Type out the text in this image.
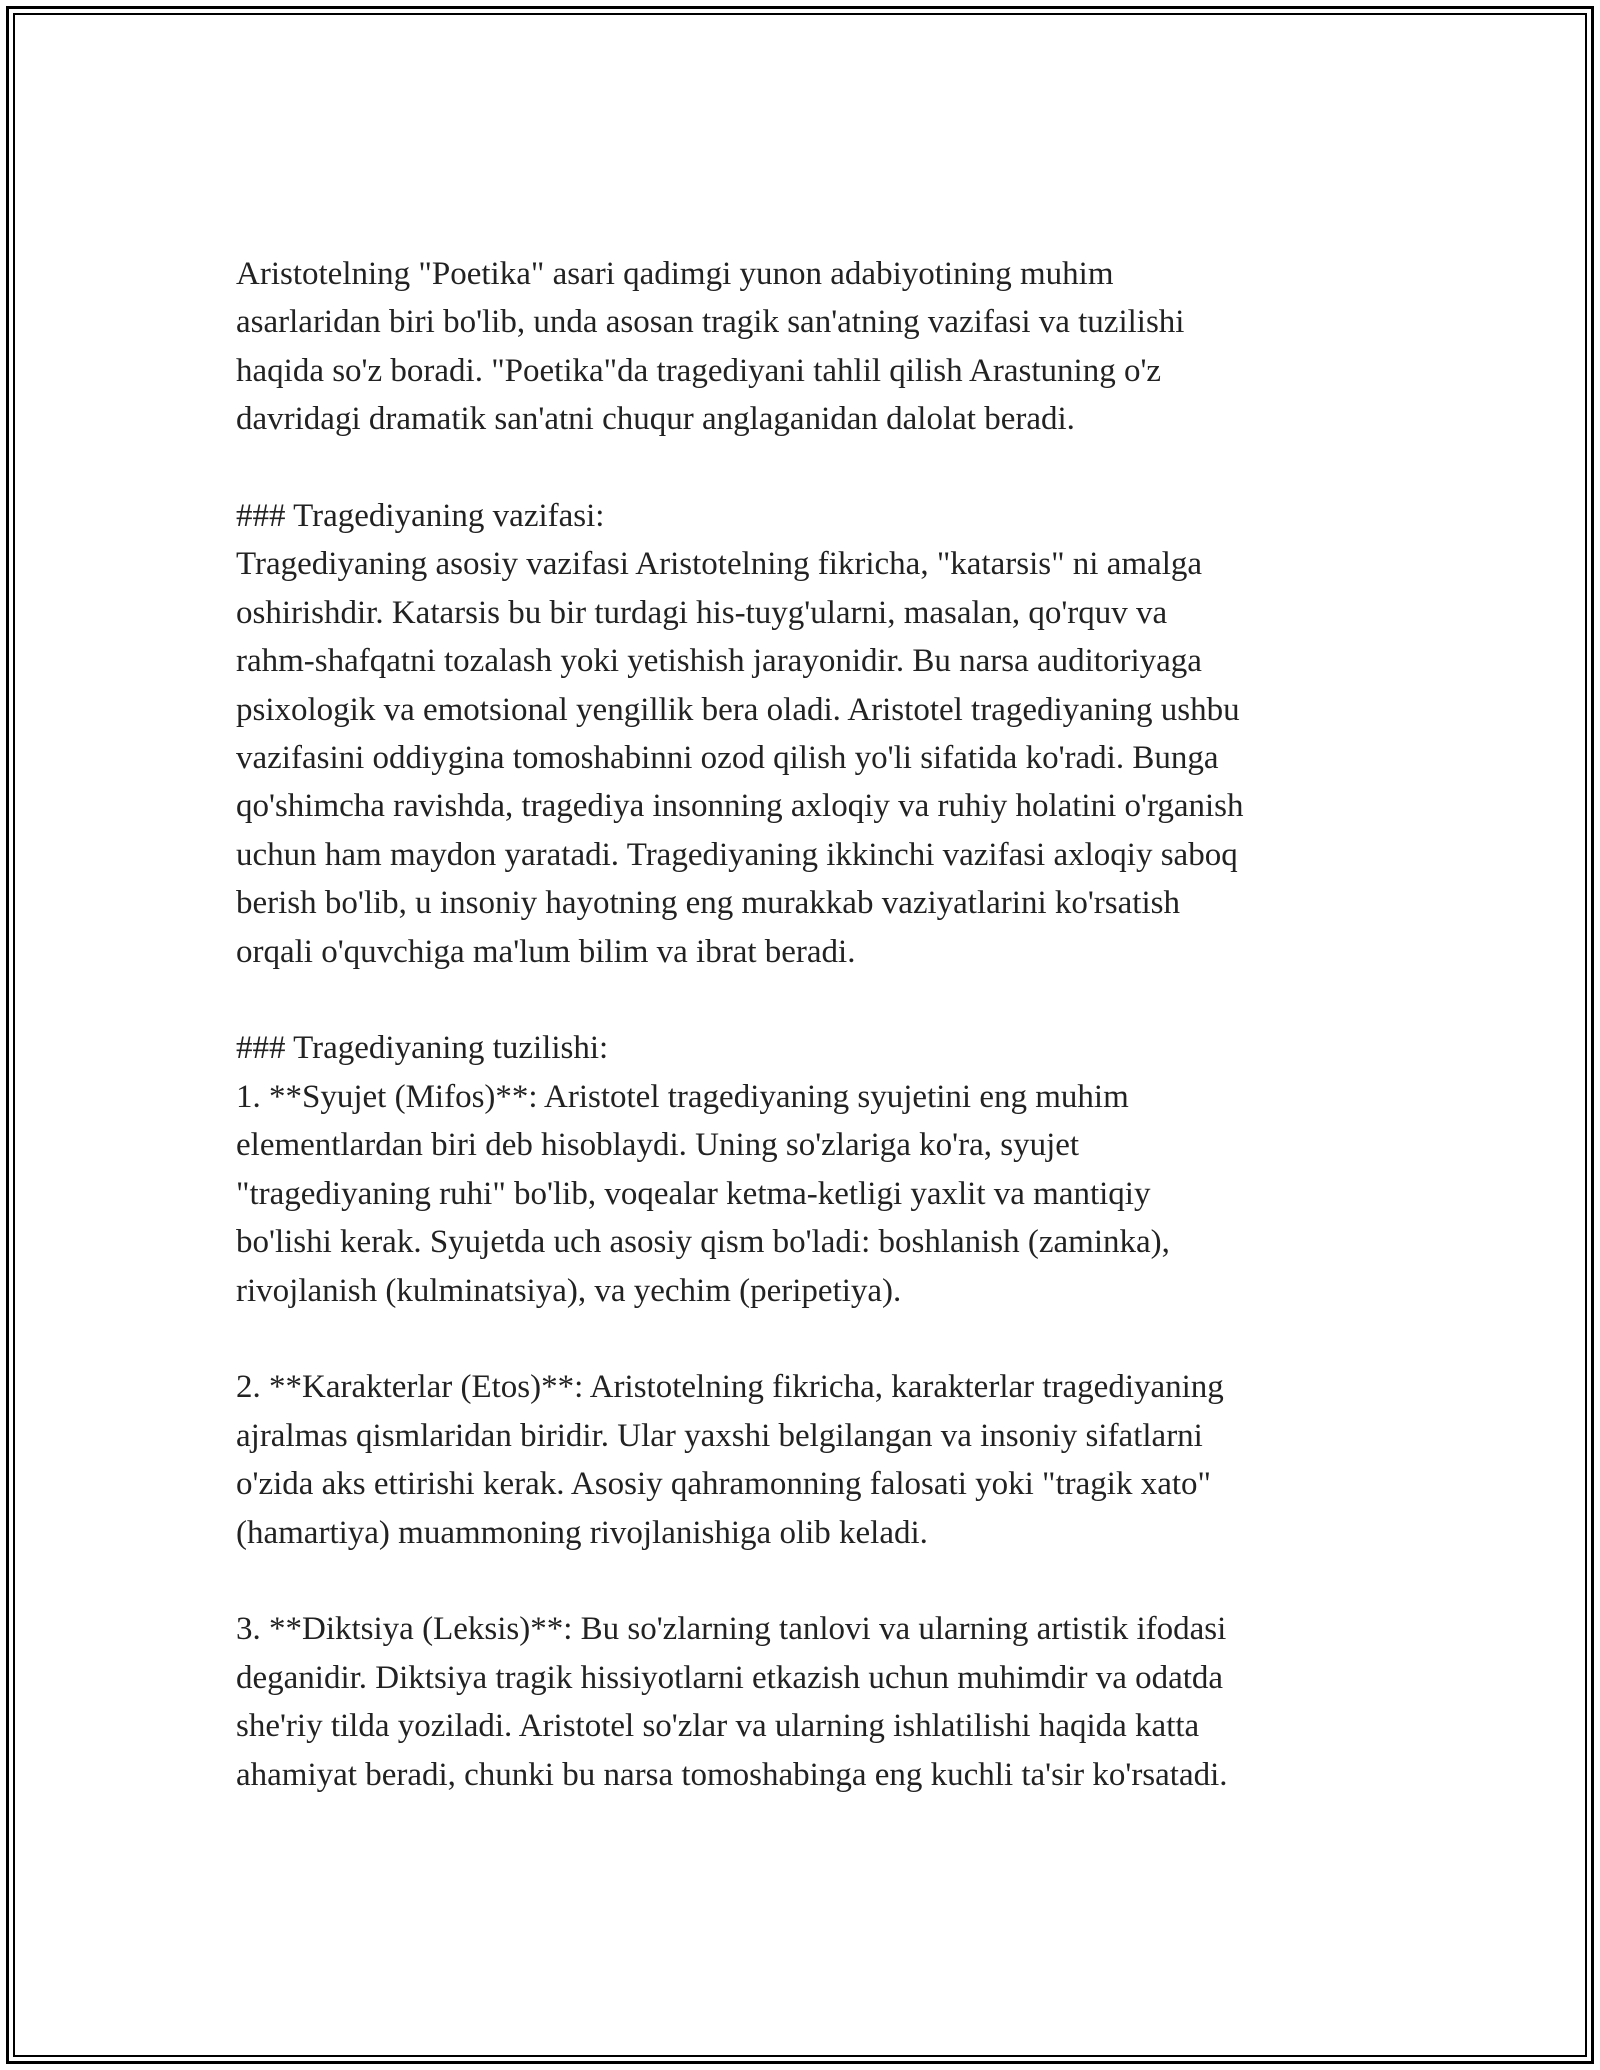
Aristotelning "Poetika" asari qadimgi yunon adabiyotining muhim
asarlaridan biri bo'lib, unda asosan tragik san'atning vazifasi va tuzilishi
haqida so'z boradi. "Poetika"da tragediyani tahlil qilish Arastuning o'z
davridagi dramatik san'atni chuqur anglaganidan dalolat beradi.
### Tragediyaning vazifasi:
Tragediyaning asosiy vazifasi Aristotelning fikricha, "katarsis" ni amalga
oshirishdir. Katarsis bu bir turdagi his-tuyg'ularni, masalan, qo'rquv va
rahm-shafqatni tozalash yoki yetishish jarayonidir. Bu narsa auditoriyaga
psixologik va emotsional yengillik bera oladi. Aristotel tragediyaning ushbu
vazifasini oddiygina tomoshabinni ozod qilish yo'li sifatida ko'radi. Bunga
qo'shimcha ravishda, tragediya insonning axloqiy va ruhiy holatini o'rganish
uchun ham maydon yaratadi. Tragediyaning ikkinchi vazifasi axloqiy saboq
berish bo'lib, u insoniy hayotning eng murakkab vaziyatlarini ko'rsatish
orqali o'quvchiga ma'lum bilim va ibrat beradi.
### Tragediyaning tuzilishi:
1. **Syujet (Mifos)**: Aristotel tragediyaning syujetini eng muhim
elementlardan biri deb hisoblaydi. Uning so'zlariga ko'ra, syujet
"tragediyaning ruhi" bo'lib, voqealar ketma-ketligi yaxlit va mantiqiy
bo'lishi kerak. Syujetda uch asosiy qism bo'ladi: boshlanish (zaminka),
rivojlanish (kulminatsiya), va yechim (peripetiya).
2. **Karakterlar (Etos)**: Aristotelning fikricha, karakterlar tragediyaning
ajralmas qismlaridan biridir. Ular yaxshi belgilangan va insoniy sifatlarni
o'zida aks ettirishi kerak. Asosiy qahramonning falosati yoki "tragik xato"
(hamartiya) muammoning rivojlanishiga olib keladi.
3. **Diktsiya (Leksis)**: Bu so'zlarning tanlovi va ularning artistik ifodasi
deganidir. Diktsiya tragik hissiyotlarni etkazish uchun muhimdir va odatda
she'riy tilda yoziladi. Aristotel so'zlar va ularning ishlatilishi haqida katta
ahamiyat beradi, chunki bu narsa tomoshabinga eng kuchli ta'sir ko'rsatadi.
